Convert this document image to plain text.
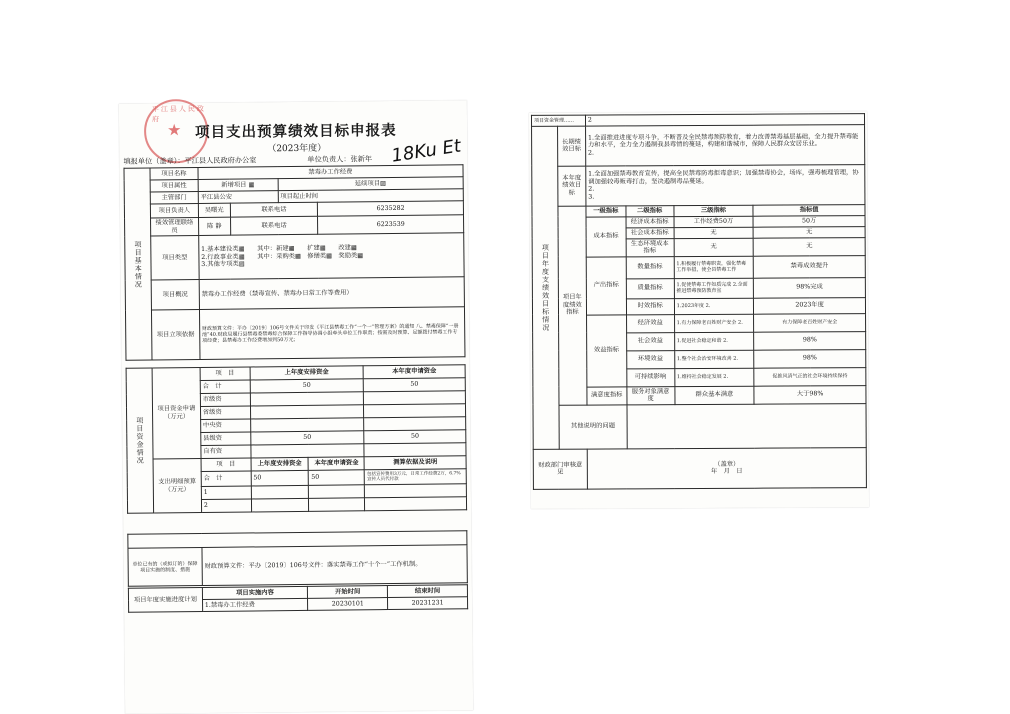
平江县人民政府
★ 项目支出预算绩效目标申报表
（2023年度）
填报单位（盖章）：平江县人民政府办公室	单位负责人：张新年 18Ku Et
项目基本情况	项目名称	禁毒办工作经费			
	项目属性	新增项目 ▦		延续项目▨	
	主管部门	平江县公安		项目起止时间	
	项目负责人	吴曙光	联系电话		6235282
	绩效管理联络员	陈 静	联系电话		6223539
	项目类型	1.基本建设类▦　　其中：新建▦　　扩建▦　　改建▦
2.行政事业类▦　　其中：采购类▦　修缮类▦　奖励类▦
3.其他专项类▨			

	项目概况	禁毒办工作经费（禁毒宣传、禁毒办日常工作等费用）			
	项目立项依据	财政预算文件：平办〔2019〕106号文件关于印发《平江县禁毒工作“一个一”管理方案》的通知 八、禁毒保障“一册池”40.财政局履行县禁毒委禁毒综合保障工作指导协调小组牵头单位工作职责；按需及时预算、足额拨付禁毒工作专项经费；县禁毒办工作经费增加到50万元；			
项目资金情况	项目资金申请（万元）	项　目	上年度安排资金		本年度申请资金
		合　计	50		50
		市级资			
		省级资			
		中央资			
		县级资	50		50
		自有资			
	支出明细预算（万元）	项　目	上年度安排资金	本年度申请资金	测算依据及说明
		合　计	50	50	包括宣传费用3万元，日常工作经费2万，6.7%宣传人员代付款
		1			
		2			

单位已有的（或拟订的）保障项目实施的制度、措施	财政预算文件：平办〔2019〕106号文件：落实禁毒工作“十个一”工作机制。
项目年度实施进度计划	项目实施内容	开始时间	结束时间
	1.禁毒办工作经费	20230101	20231231
项目资金管理……		2			
项目年度支绩效目标情况	长期绩效目标	1.全面推进进度专项斗争，不断普及全民禁毒预防教育，着力改善禁毒基层基础，全力提升禁毒能力和水平，全力全力遏制我县毒情的蔓延，构建和谐城市，保障人民群众安居乐业。
2.			

	本年度绩效目标	1.全面加强禁毒教育宣传，提高全民禁毒防毒拒毒意识；加强禁毒协会，场库，强毒梳理管理，协调加强较毒贩毒打击，坚决遏制毒品蔓延。
2.
3.			

	项目年度绩效指标	一级指标	二级指标	三级指标	指标值
		成本指标	经济成本指标	工作经费50万	50万
			社会成本指标	无	无
			生态环境成本指标	无	无
		产出指标	数量指标	1.积极履行禁毒职责，强化禁毒工作举措，使全县禁毒工作	禁毒成效提升
			质量指标	1.促使禁毒工作如质完成 2.全面推进禁毒预防教育宣	98%完成
			时效指标	1.2023年度 2.	2023年度
		效益指标	经济效益	1.有力保障老百姓财产安全 2.	有力保障老百姓财产安全
			社会效益	1.促进社会稳定和谐 2.	98%
			环境效益	1.整个社会治安环境改善 2.	98%
			可持续影响	1.维持社会稳定发展 2.	促推风清气正的社会环境持续保持
		满意度指标	服务对象满意度	群众基本满意	大于98%
	其他说明的问题				
财政部门审核意见		（盖章）
年　月　日			
